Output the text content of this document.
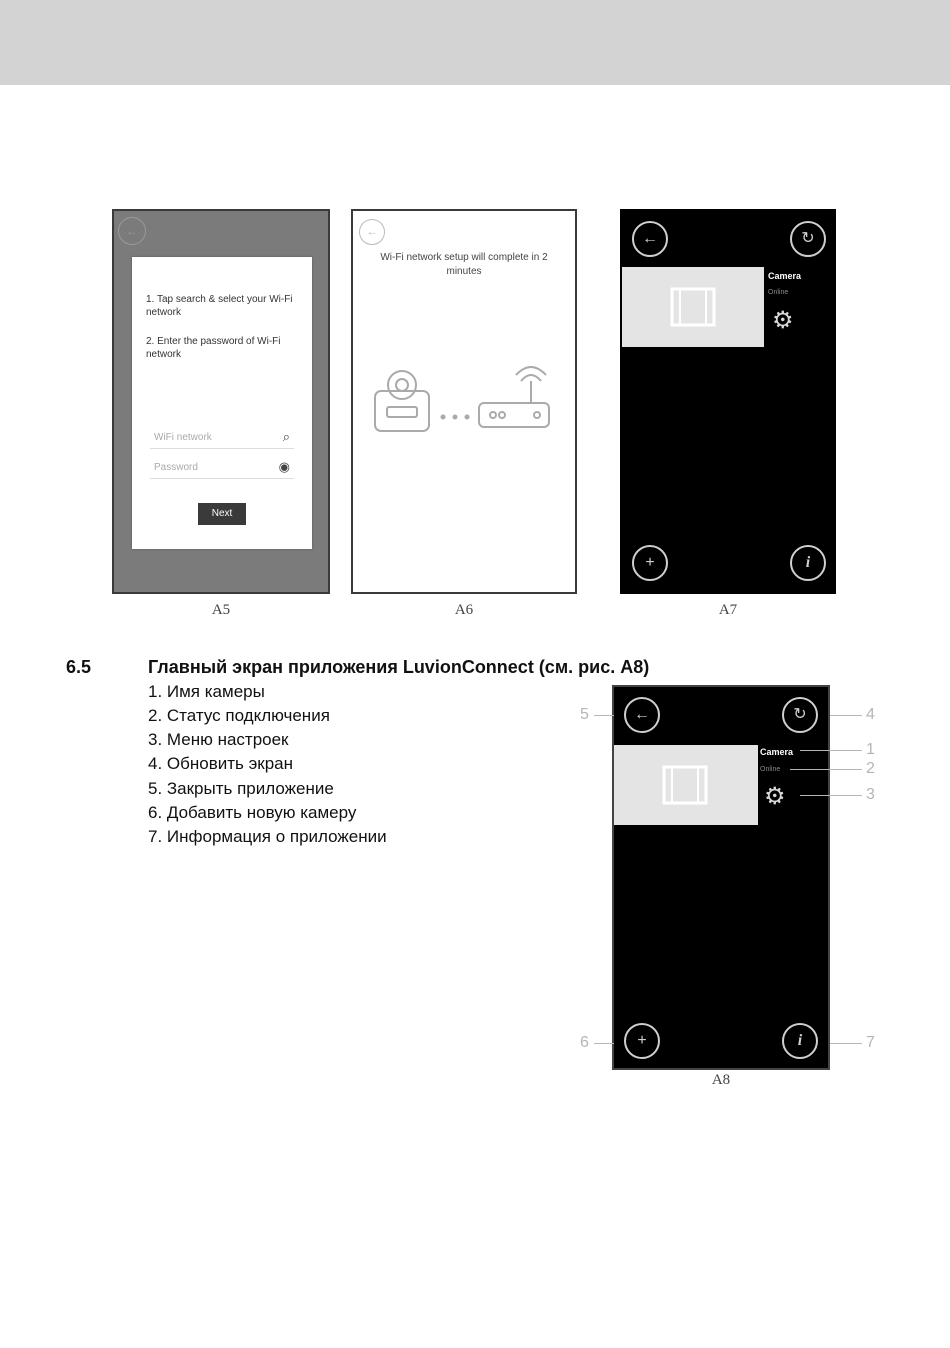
←
1. Tap search & select your Wi-Fi network
2. Enter the password of Wi-Fi network
WiFi network	⌕
Password	◉
Next
A5
←
Wi-Fi network setup will complete in 2 minutes
A6
←	↻
Camera
Online
⚙
+	i
A7
6.5	Главный экран приложения LuvionConnect (см. рис. A8)
1. Имя камеры
2. Статус подключения
3. Меню настроек
4. Обновить экран
5. Закрыть приложение
6. Добавить новую камеру
7. Информация о приложении
←	↻
Camera
Online
⚙
+	i
1
2
3
4
5
6	7
A8
